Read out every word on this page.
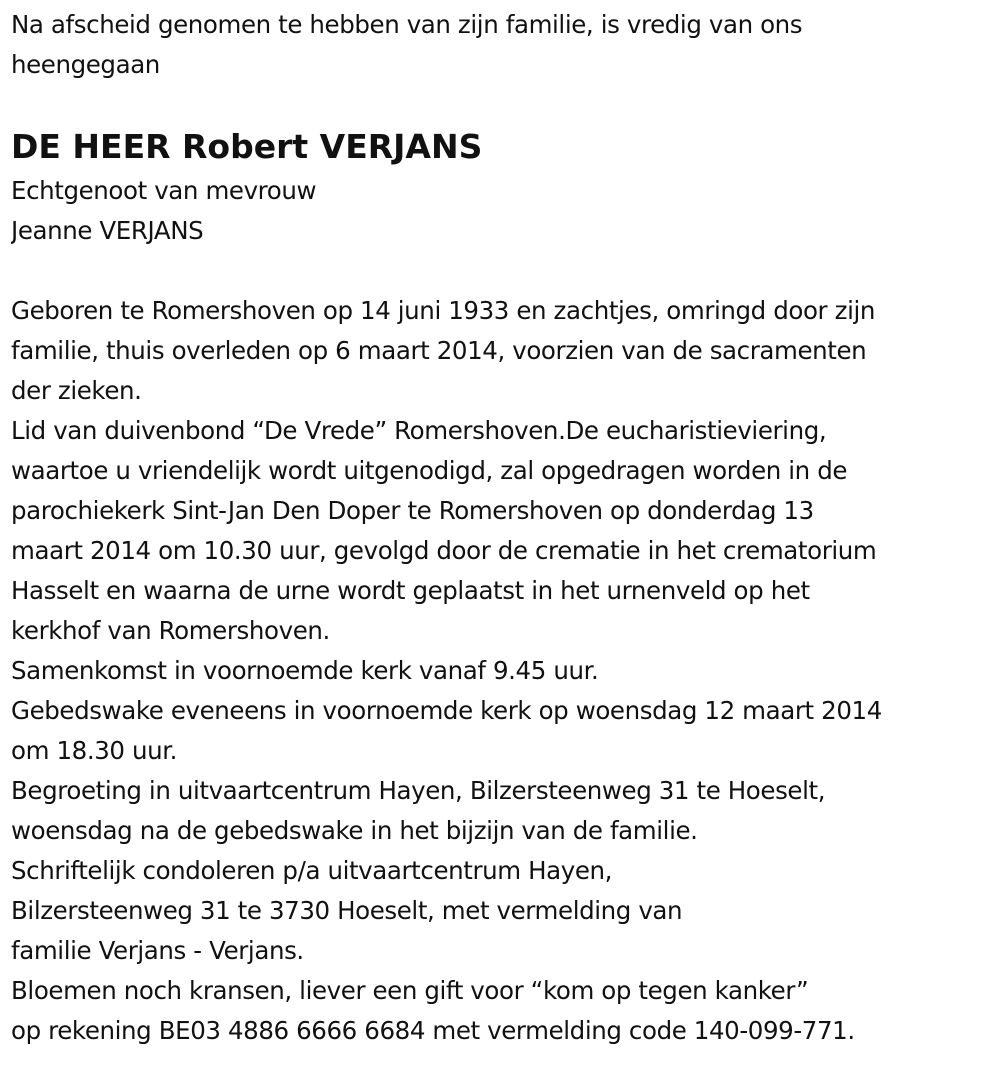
Na afscheid genomen te hebben van zijn familie, is vredig van ons
heengegaan
DE HEER Robert VERJANS
Echtgenoot van mevrouw
Jeanne VERJANS
Geboren te Romershoven op 14 juni 1933 en zachtjes, omringd door zijn
familie, thuis overleden op 6 maart 2014, voorzien van de sacramenten
der zieken.
Lid van duivenbond “De Vrede” Romershoven.De eucharistieviering,
waartoe u vriendelijk wordt uitgenodigd, zal opgedragen worden in de
parochiekerk Sint-Jan Den Doper te Romershoven op donderdag 13
maart 2014 om 10.30 uur, gevolgd door de crematie in het crematorium
Hasselt en waarna de urne wordt geplaatst in het urnenveld op het
kerkhof van Romershoven.
Samenkomst in voornoemde kerk vanaf 9.45 uur.
Gebedswake eveneens in voornoemde kerk op woensdag 12 maart 2014
om 18.30 uur.
Begroeting in uitvaartcentrum Hayen, Bilzersteenweg 31 te Hoeselt,
woensdag na de gebedswake in het bijzijn van de familie.
Schriftelijk condoleren p/a uitvaartcentrum Hayen,
Bilzersteenweg 31 te 3730 Hoeselt, met vermelding van
familie Verjans - Verjans.
Bloemen noch kransen, liever een gift voor “kom op tegen kanker”
op rekening BE03 4886 6666 6684 met vermelding code 140-099-771.
